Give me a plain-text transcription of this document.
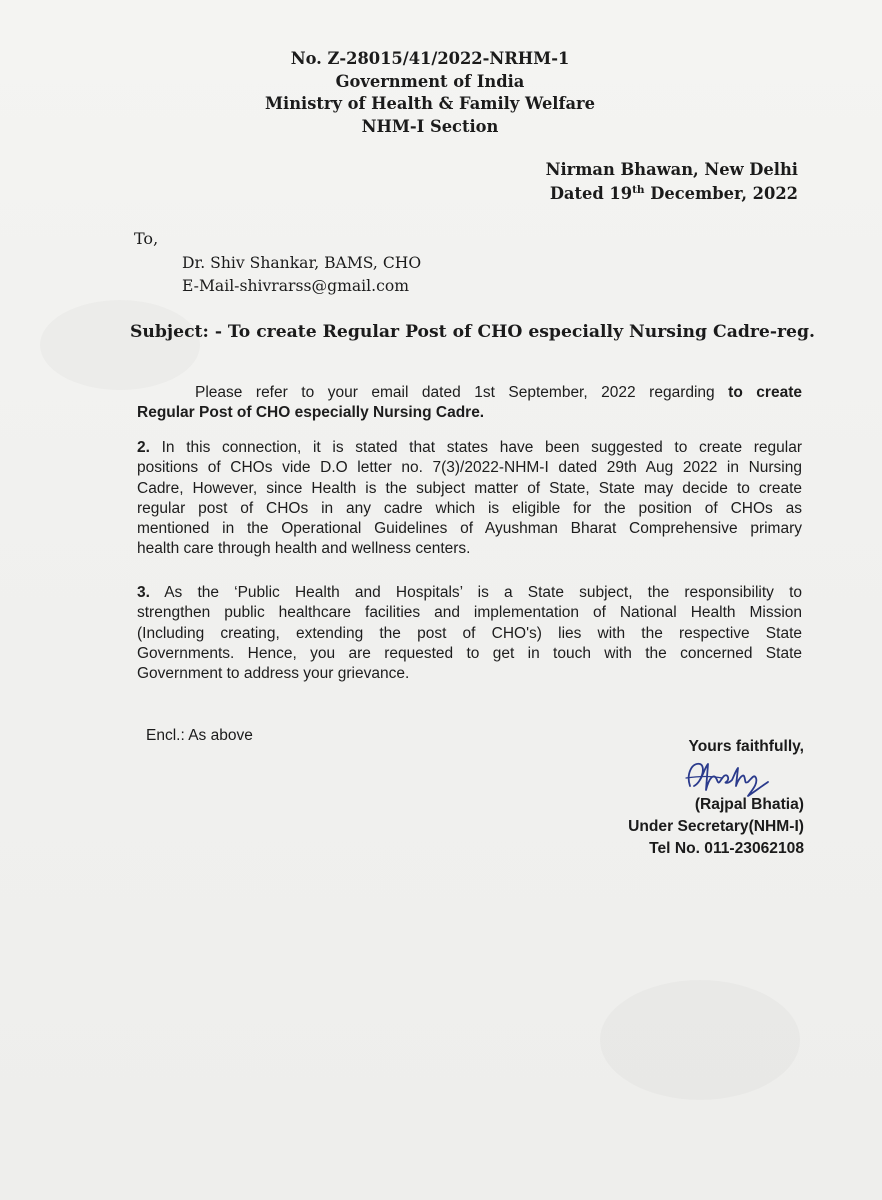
No. Z-28015/41/2022-NRHM-1
Government of India
Ministry of Health & Family Welfare
NHM-I Section
Nirman Bhawan, New Delhi
Dated 19th December, 2022
To,
Dr. Shiv Shankar, BAMS, CHO
E-Mail-shivrarss@gmail.com
Subject: - To create Regular Post of CHO especially Nursing Cadre-reg.
Please refer to your email dated 1st September, 2022 regarding to create
Regular Post of CHO especially Nursing Cadre.
2. In this connection, it is stated that states have been suggested to create regular
positions of CHOs vide D.O letter no. 7(3)/2022-NHM-I dated 29th Aug 2022 in Nursing
Cadre, However, since Health is the subject matter of State, State may decide to create
regular post of CHOs in any cadre which is eligible for the position of CHOs as
mentioned in the Operational Guidelines of Ayushman Bharat Comprehensive primary
health care through health and wellness centers.
3. As the ‘Public Health and Hospitals’ is a State subject, the responsibility to
strengthen public healthcare facilities and implementation of National Health Mission
(Including creating, extending the post of CHO's) lies with the respective State
Governments. Hence, you are requested to get in touch with the concerned State
Government to address your grievance.
Encl.: As above
Yours faithfully,
(Rajpal Bhatia)
Under Secretary(NHM-I)
Tel No. 011-23062108
